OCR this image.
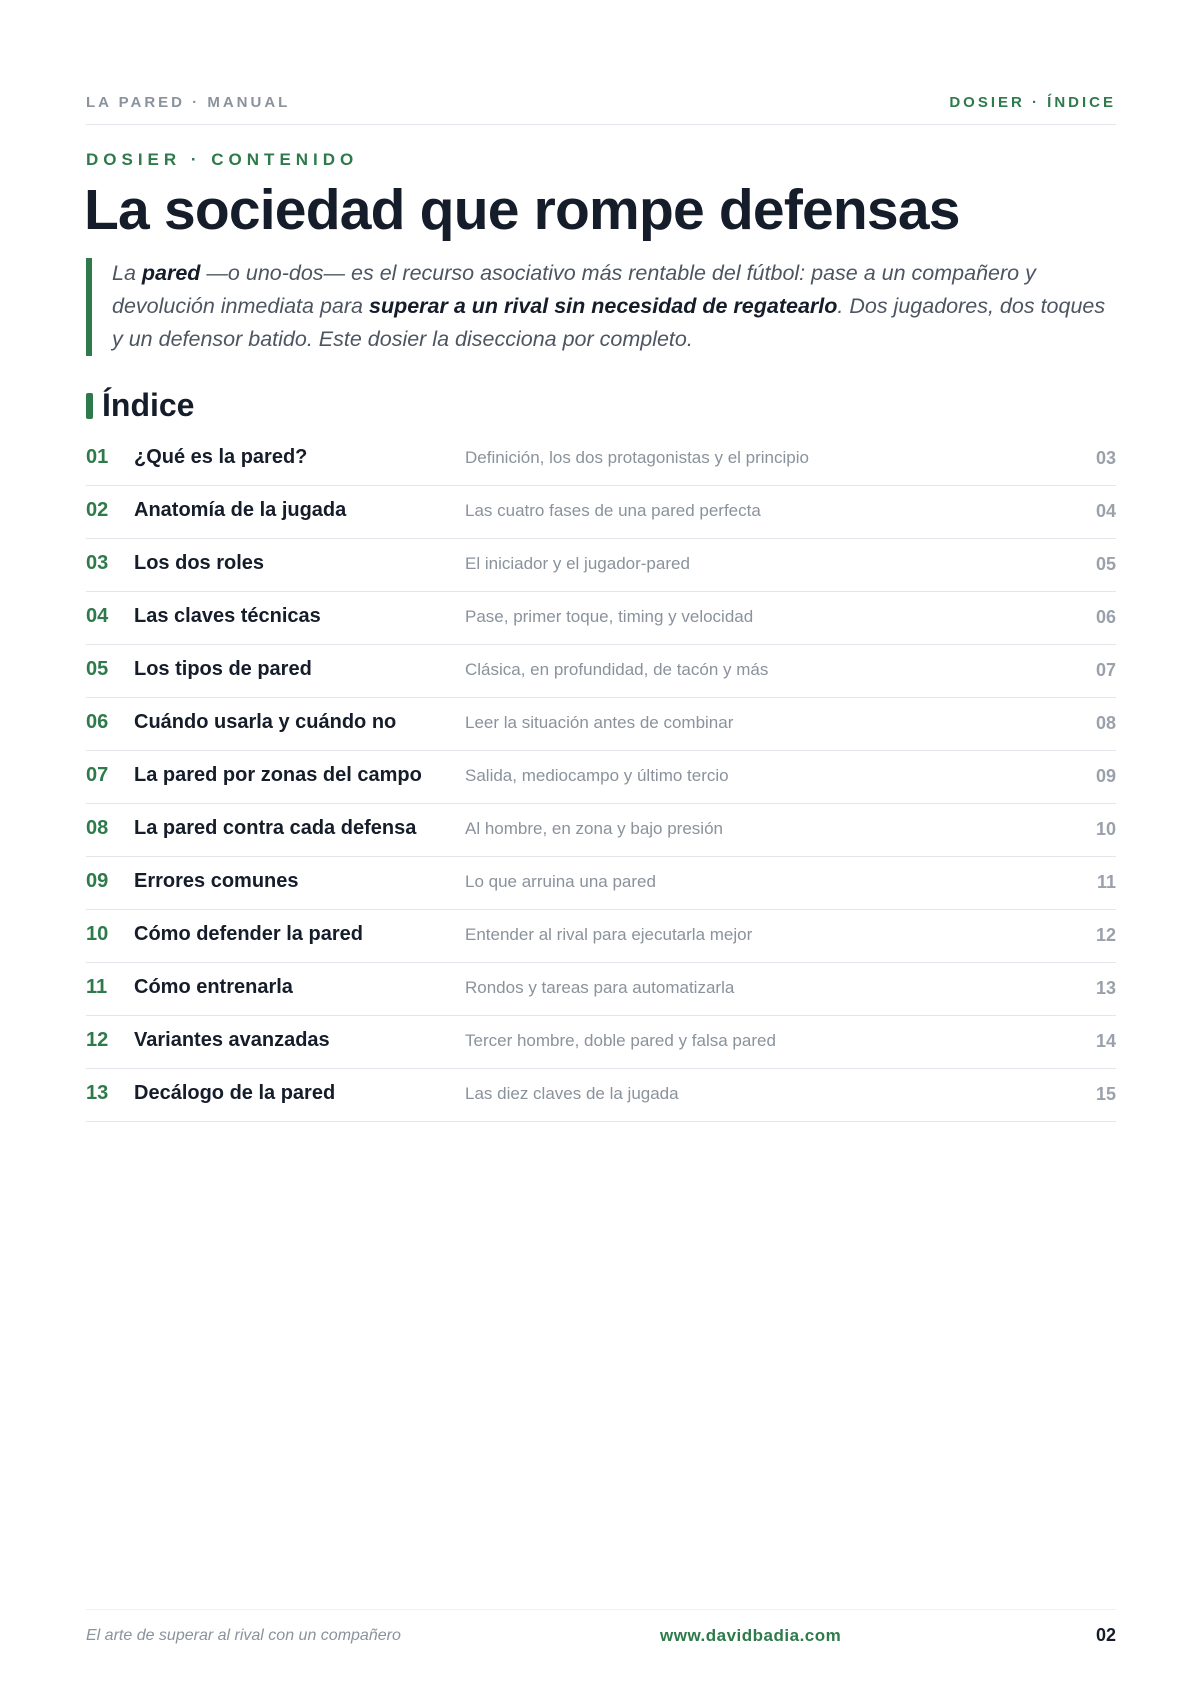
LA PARED · MANUAL	DOSIER · ÍNDICE
DOSIER · CONTENIDO
La sociedad que rompe defensas

La pared —o uno-dos— es el recurso asociativo más rentable del fútbol: pase a un compañero y devolución inmediata para superar a un rival sin necesidad de regatearlo. Dos jugadores, dos toques y un defensor batido. Este dosier la disecciona por completo.

Índice
01 ¿Qué es la pared?	Definición, los dos protagonistas y el principio	03
02 Anatomía de la jugada	Las cuatro fases de una pared perfecta	04
03 Los dos roles	El iniciador y el jugador-pared	05
04 Las claves técnicas	Pase, primer toque, timing y velocidad	06
05 Los tipos de pared	Clásica, en profundidad, de tacón y más	07
06 Cuándo usarla y cuándo no	Leer la situación antes de combinar	08
07 La pared por zonas del campo	Salida, mediocampo y último tercio	09
08 La pared contra cada defensa	Al hombre, en zona y bajo presión	10
09 Errores comunes	Lo que arruina una pared	11
10 Cómo defender la pared	Entender al rival para ejecutarla mejor	12
11 Cómo entrenarla	Rondos y tareas para automatizarla	13
12 Variantes avanzadas	Tercer hombre, doble pared y falsa pared	14
13 Decálogo de la pared	Las diez claves de la jugada	15
El arte de superar al rival con un compañero	www.davidbadia.com	02
